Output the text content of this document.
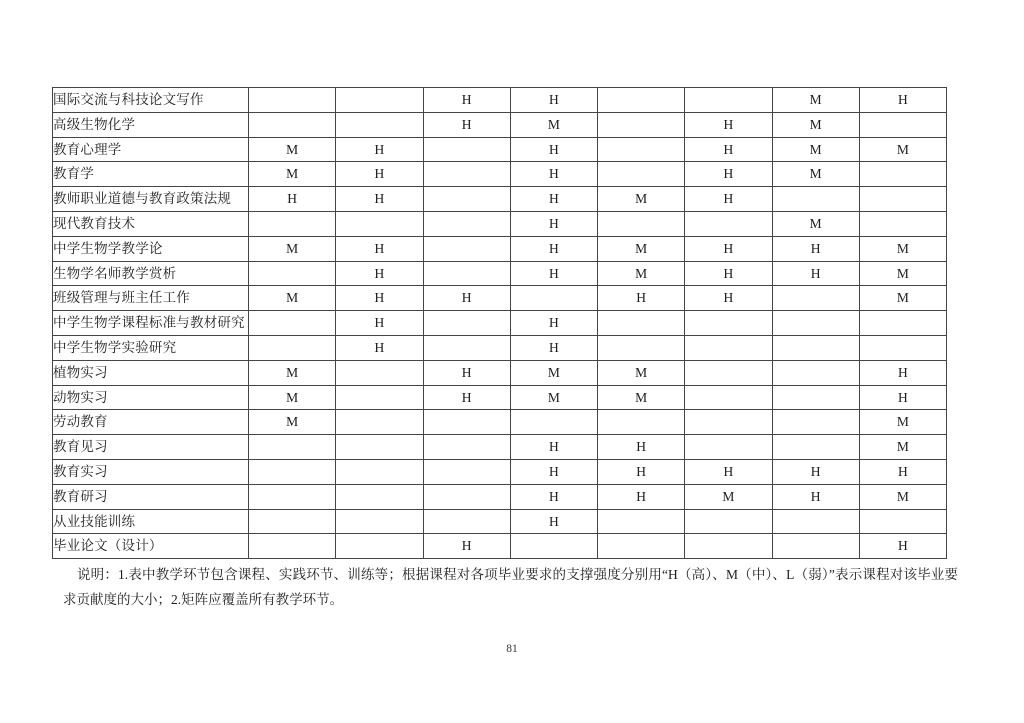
国际交流与科技论文写作			H	H			M	H
高级生物化学			H	M		H	M	
教育心理学	M	H		H		H	M	M
教育学	M	H		H		H	M	
教师职业道德与教育政策法规	H	H		H	M	H		
现代教育技术				H			M	
中学生物学教学论	M	H		H	M	H	H	M
生物学名师教学赏析		H		H	M	H	H	M
班级管理与班主任工作	M	H	H		H	H		M
中学生物学课程标准与教材研究		H		H				
中学生物学实验研究		H		H				
植物实习	M		H	M	M			H
动物实习	M		H	M	M			H
劳动教育	M							M
教育见习				H	H			M
教育实习				H	H	H	H	H
教育研习				H	H	M	H	M
从业技能训练				H				
毕业论文（设计）			H					H
说明：1.表中教学环节包含课程、实践环节、训练等；根据课程对各项毕业要求的支撑强度分别用“H（高）、M（中）、L（弱）”表示课程对该毕业要求贡献度的大小；2.矩阵应覆盖所有教学环节。
81
